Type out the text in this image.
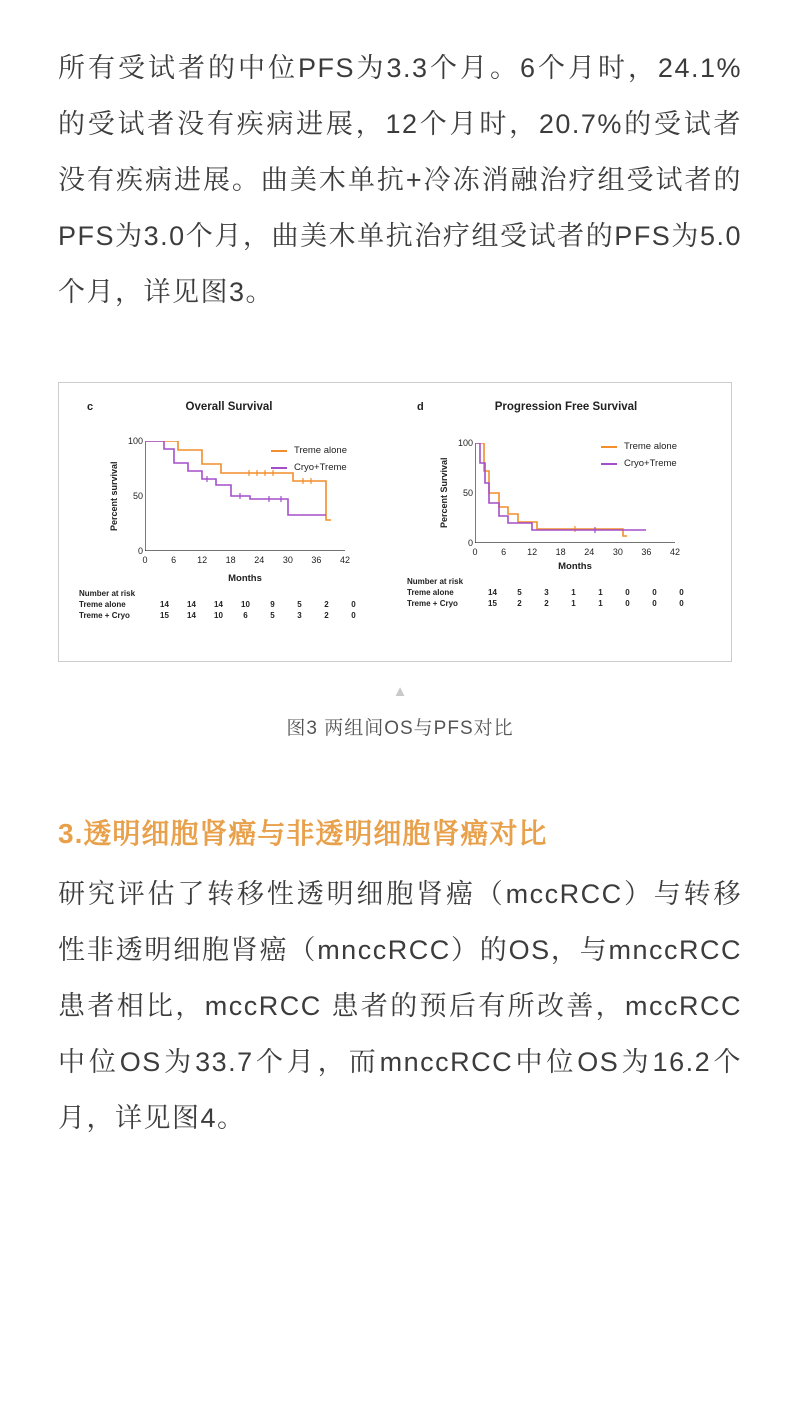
所有受试者的中位PFS为3.3个月。6个月时，24.1%的受试者没有疾病进展，12个月时，20.7%的受试者没有疾病进展。曲美木单抗+冷冻消融治疗组受试者的PFS为3.0个月，曲美木单抗治疗组受试者的PFS为5.0个月，详见图3。

c	Overall Survival
Percent survival
100
50
0
0	6 12 18 24 30 36 42
Months
Treme alone
Cryo+Treme
Number at risk
Treme alone	14	14	14	10	9	5	2	0
Treme + Cryo	15	14	10	6	5	3	2	0
d	Progression Free Survival
Percent Survival
100
50
0
0	6 12 18 24 30 36 42
Months
Treme alone
Cryo+Treme
Number at risk
Treme alone	14	5	3	1	1	0	0	0
Treme + Cryo	15	2	2	1	1	0	0	0
▲
图3 两组间OS与PFS对比
3.透明细胞肾癌与非透明细胞肾癌对比

研究评估了转移性透明细胞肾癌（mccRCC）与转移性非透明细胞肾癌（mnccRCC）的OS，与mnccRCC患者相比，mccRCC 患者的预后有所改善，mccRCC中位OS为33.7个月，而mnccRCC中位OS为16.2个月，详见图4。
